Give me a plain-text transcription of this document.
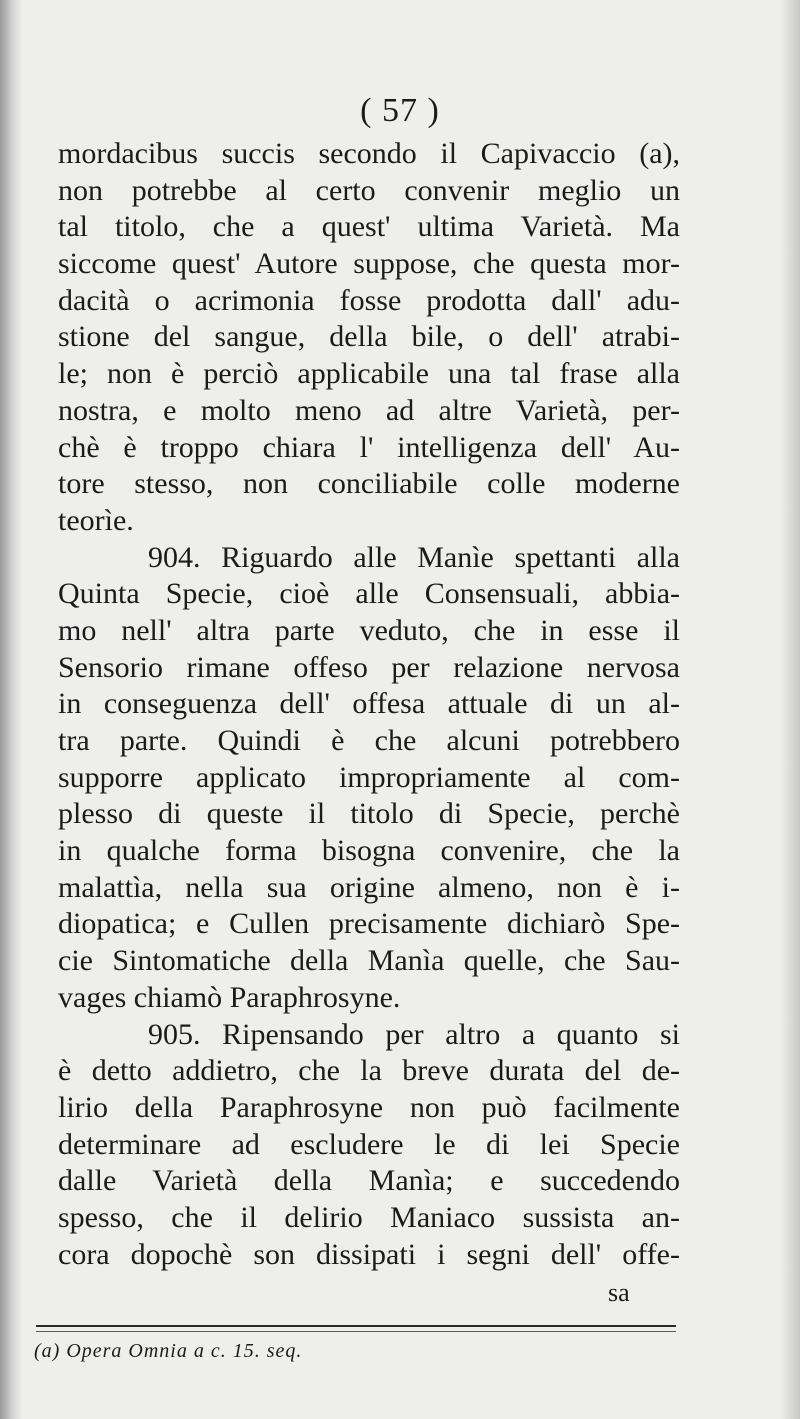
( 57 )
mordacibus succis secondo il Capivaccio (a),
non potrebbe al certo convenir meglio un
tal titolo, che a quest' ultima Varietà. Ma
siccome quest' Autore suppose, che questa mor-
dacità o acrimonia fosse prodotta dall' adu-
stione del sangue, della bile, o dell' atrabi-
le; non è perciò applicabile una tal frase alla
nostra, e molto meno ad altre Varietà, per-
chè è troppo chiara l' intelligenza dell' Au-
tore stesso, non conciliabile colle moderne
teorìe.
904. Riguardo alle Manìe spettanti alla
Quinta Specie, cioè alle Consensuali, abbia-
mo nell' altra parte veduto, che in esse il
Sensorio rimane offeso per relazione nervosa
in conseguenza dell' offesa attuale di un al-
tra parte. Quindi è che alcuni potrebbero
supporre applicato impropriamente al com-
plesso di queste il titolo di Specie, perchè
in qualche forma bisogna convenire, che la
malattìa, nella sua origine almeno, non è i-
diopatica; e Cullen precisamente dichiarò Spe-
cie Sintomatiche della Manìa quelle, che Sau-
vages chiamò Paraphrosyne.
905. Ripensando per altro a quanto si
è detto addietro, che la breve durata del de-
lirio della Paraphrosyne non può facilmente
determinare ad escludere le di lei Specie
dalle Varietà della Manìa; e succedendo
spesso, che il delirio Maniaco sussista an-
cora dopochè son dissipati i segni dell' offe-
sa
(a) Opera Omnia a c. 15. seq.
